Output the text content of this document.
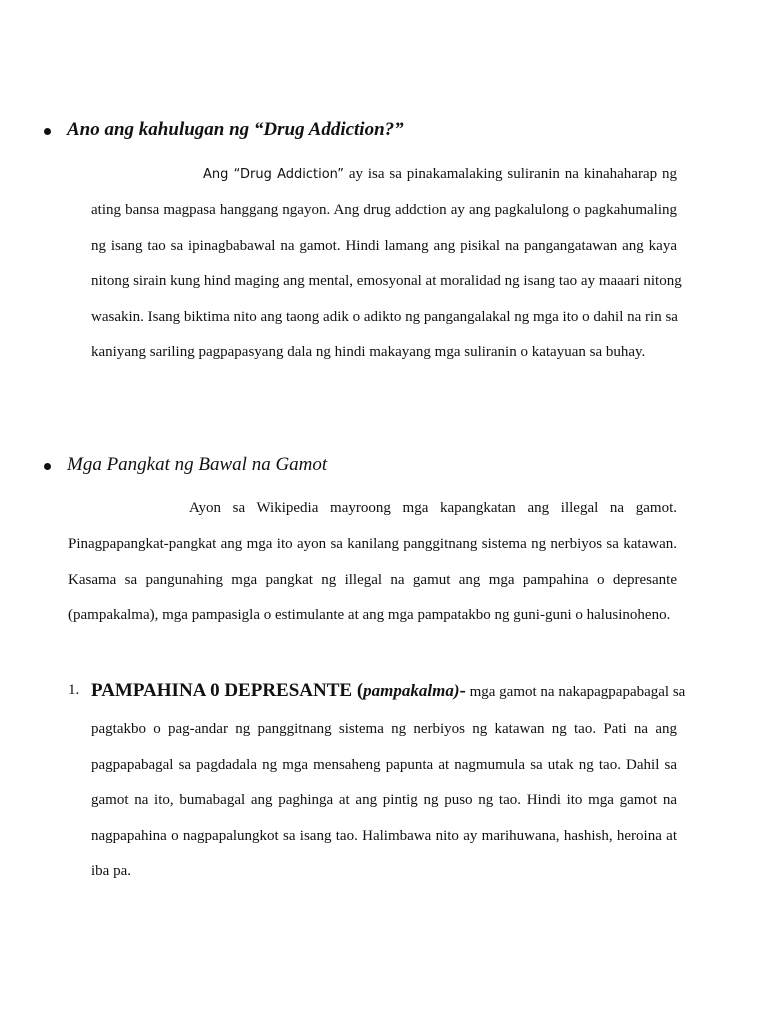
Ano ang kahulugan ng “Drug Addiction?”
Ang “Drug Addiction” ay isa sa pinakamalaking suliranin na kinahaharap ng
ating bansa magpasa hanggang ngayon. Ang drug addction ay ang pagkalulong o pagkahumaling
ng isang tao sa ipinagbabawal na gamot. Hindi lamang ang pisikal na pangangatawan ang kaya
nitong sirain kung hind maging ang mental, emosyonal at moralidad ng isang tao ay maaari nitong
wasakin. Isang biktima nito ang taong adik o adikto ng pangangalakal ng mga ito o dahil na rin sa
kaniyang sariling pagpapasyang dala ng hindi makayang mga suliranin o katayuan sa buhay.
Mga Pangkat ng Bawal na Gamot
Ayon sa Wikipedia mayroong mga kapangkatan ang illegal na gamot.
Pinagpapangkat-pangkat ang mga ito ayon sa kanilang panggitnang sistema ng nerbiyos sa katawan.
Kasama sa pangunahing mga pangkat ng illegal na gamut ang mga pampahina o depresante
(pampakalma), mga pampasigla o estimulante at ang mga pampatakbo ng guni-guni o halusinoheno.
1. PAMPAHINA 0 DEPRESANTE (pampakalma)- mga gamot na nakapagpapabagal sa
pagtakbo o pag-andar ng panggitnang sistema ng nerbiyos ng katawan ng tao. Pati na ang
pagpapabagal sa pagdadala ng mga mensaheng papunta at nagmumula sa utak ng tao. Dahil sa
gamot na ito, bumabagal ang paghinga at ang pintig ng puso ng tao. Hindi ito mga gamot na
nagpapahina o nagpapalungkot sa isang tao. Halimbawa nito ay marihuwana, hashish, heroina at
iba pa.
